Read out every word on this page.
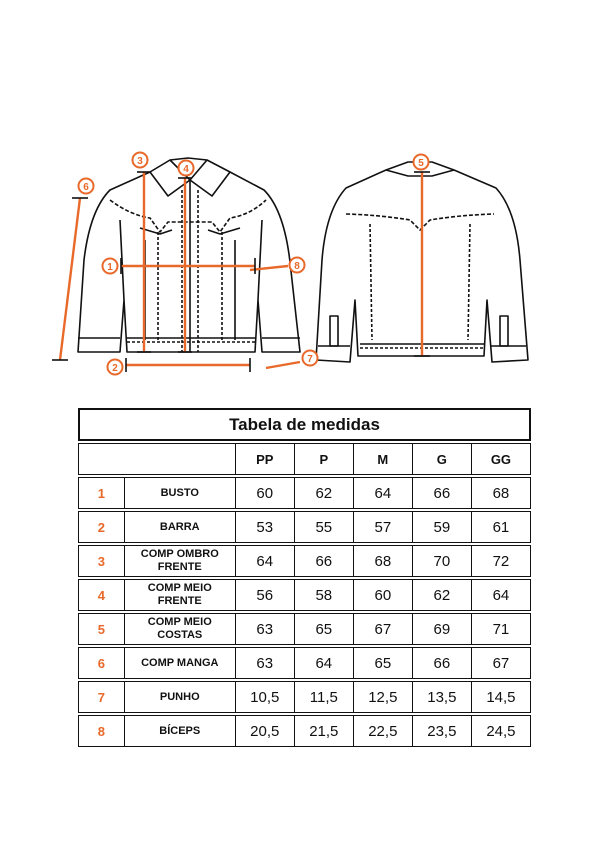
1
2
3
4
5
6
7
8
Tabela de medidas						

		PP	P	M	G	GG

1	BUSTO	60	62	64	66	68

2	BARRA	53	55	57	59	61

3	COMP OMBRO FRENTE	64	66	68	70	72

4	COMP MEIO FRENTE	56	58	60	62	64

5	COMP MEIO COSTAS	63	65	67	69	71

6	COMP MANGA	63	64	65	66	67

7	PUNHO	10,5	11,5	12,5	13,5	14,5

8	BÍCEPS	20,5	21,5	22,5	23,5	24,5
